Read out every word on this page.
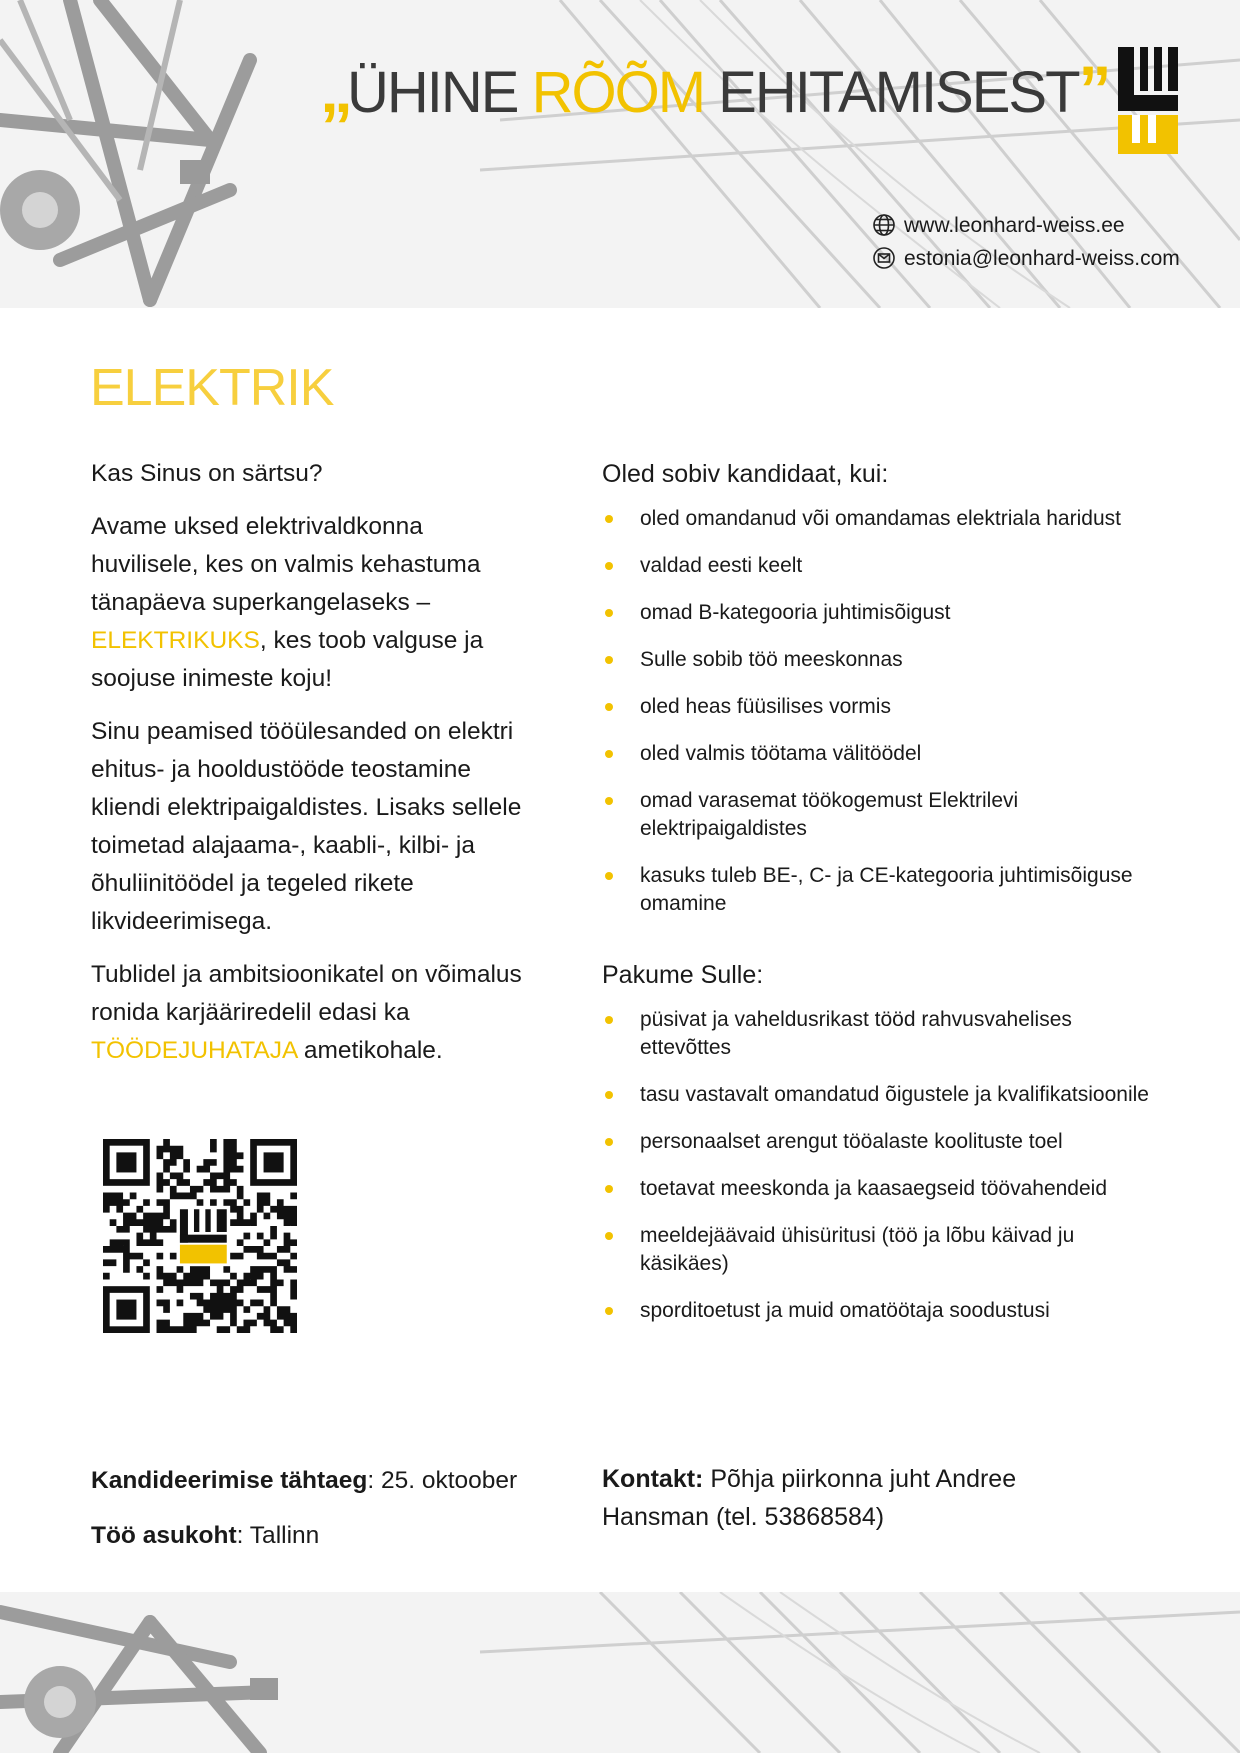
„ÜHINE RÕÕM EHITAMISEST”
www.leonhard-weiss.ee
estonia@leonhard-weiss.com
ELEKTRIK

Kas Sinus on särtsu?

Avame uksed elektrivaldkonna huvilisele, kes on valmis kehastuma tänapäeva superkangelaseks – ELEKTRIKUKS, kes toob valguse ja soojuse inimeste koju!

Sinu peamised tööülesanded on elektri ehitus- ja hooldustööde teostamine kliendi elektripaigaldistes. Lisaks sellele toimetad alajaama-, kaabli-, kilbi- ja õhuliinitöödel ja tegeled rikete likvideerimisega.

Tublidel ja ambitsioonikatel on võimalus ronida karjääriredelil edasi ka TÖÖDEJUHATAJA ametikohale.

Oled sobiv kandidaat, kui:
oled omandanud või omandamas elektriala haridust
valdad eesti keelt
omad B-kategooria juhtimisõigust
Sulle sobib töö meeskonnas
oled heas füüsilises vormis
oled valmis töötama välitöödel
omad varasemat töökogemust Elektrilevi elektripaigaldistes
kasuks tuleb BE-, C- ja CE-kategooria juhtimisõiguse omamine
Pakume Sulle:
püsivat ja vaheldusrikast tööd rahvusvahelises ettevõttes
tasu vastavalt omandatud õigustele ja kvalifikatsioonile
personaalset arengut tööalaste koolituste toel
toetavat meeskonda ja kaasaegseid töövahendeid
meeldejäävaid ühisüritusi (töö ja lõbu käivad ju käsikäes)
sporditoetust ja muid omatöötaja soodustusi

Kandideerimise tähtaeg: 25. oktoober

Töö asukoht: Tallinn

Kontakt: Põhja piirkonna juht Andree Hansman (tel. 53868584)
